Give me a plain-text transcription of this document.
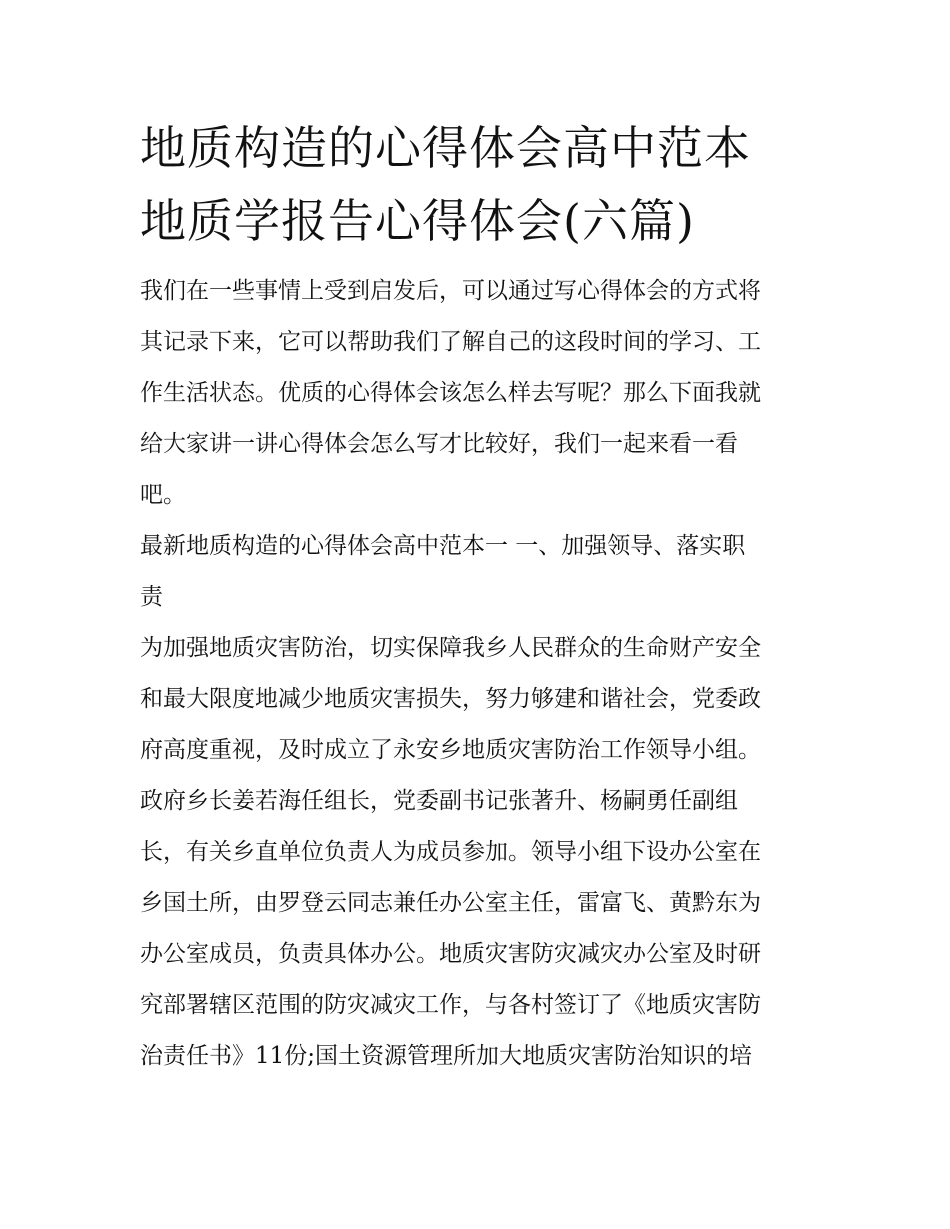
地质构造的心得体会高中范本
地质学报告心得体会(六篇)
我们在一些事情上受到启发后，可以通过写心得体会的方式将
其记录下来，它可以帮助我们了解自己的这段时间的学习、工
作生活状态。优质的心得体会该怎么样去写呢？那么下面我就
给大家讲一讲心得体会怎么写才比较好，我们一起来看一看
吧。
最新地质构造的心得体会高中范本一 一、加强领导、落实职
责
为加强地质灾害防治，切实保障我乡人民群众的生命财产安全
和最大限度地减少地质灾害损失，努力够建和谐社会，党委政
府高度重视，及时成立了永安乡地质灾害防治工作领导小组。
政府乡长姜若海任组长，党委副书记张著升、杨嗣勇任副组
长，有关乡直单位负责人为成员参加。领导小组下设办公室在
乡国土所，由罗登云同志兼任办公室主任，雷富飞、黄黔东为
办公室成员，负责具体办公。地质灾害防灾减灾办公室及时研
究部署辖区范围的防灾减灾工作，与各村签订了《地质灾害防
治责任书》11份;国土资源管理所加大地质灾害防治知识的培
